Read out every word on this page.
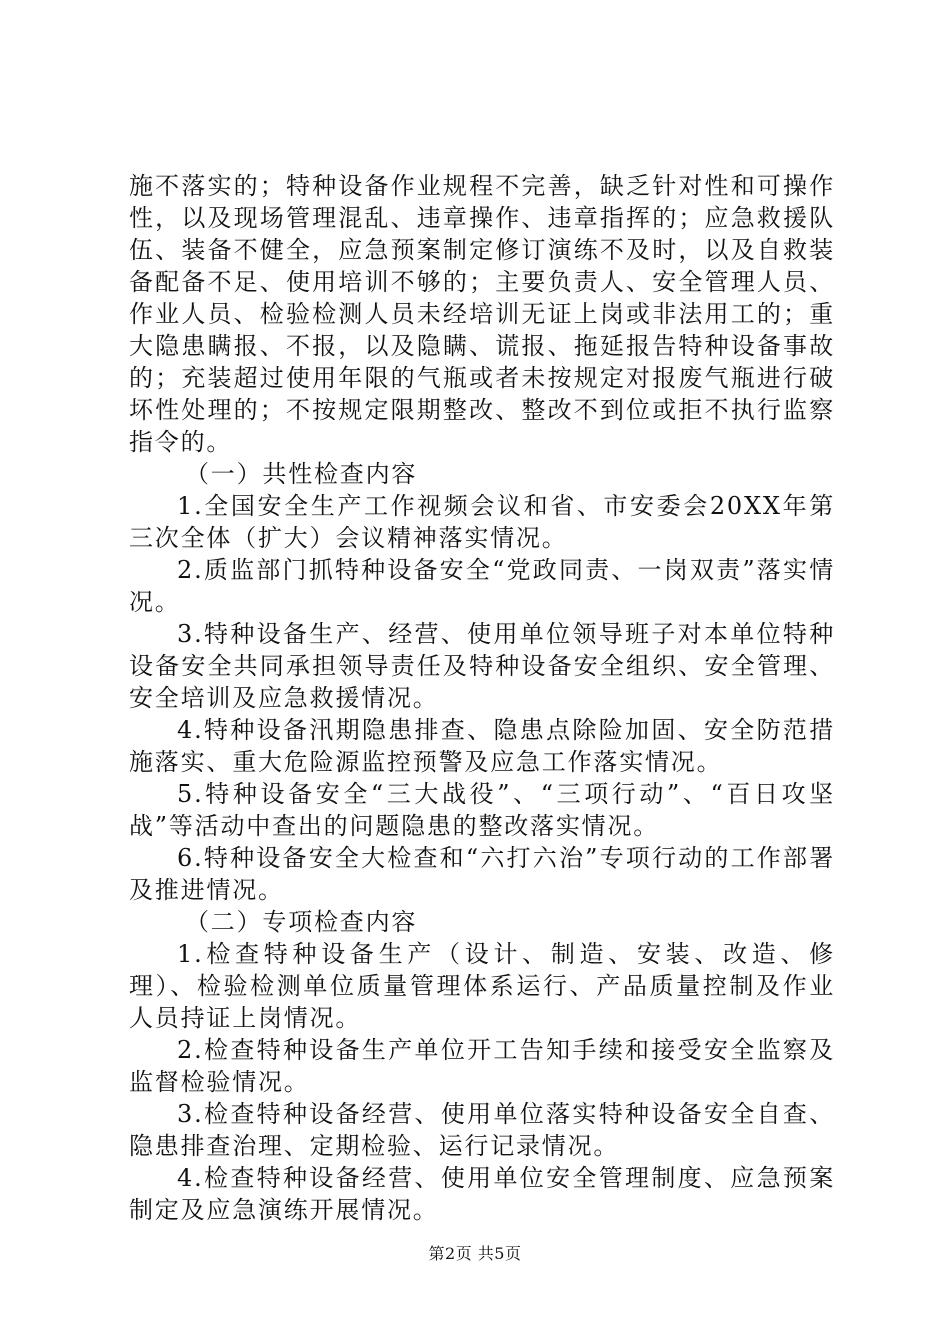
施不落实的；特种设备作业规程不完善，缺乏针对性和可操作性，以及现场管理混乱、违章操作、违章指挥的；应急救援队伍、装备不健全，应急预案制定修订演练不及时，以及自救装备配备不足、使用培训不够的；主要负责人、安全管理人员、作业人员、检验检测人员未经培训无证上岗或非法用工的；重大隐患瞒报、不报，以及隐瞒、谎报、拖延报告特种设备事故的；充装超过使用年限的气瓶或者未按规定对报废气瓶进行破坏性处理的；不按规定限期整改、整改不到位或拒不执行监察指令的。

（一）共性检查内容

1.全国安全生产工作视频会议和省、市安委会20XX年第三次全体（扩大）会议精神落实情况。

2.质监部门抓特种设备安全“党政同责、一岗双责”落实情况。

3.特种设备生产、经营、使用单位领导班子对本单位特种设备安全共同承担领导责任及特种设备安全组织、安全管理、安全培训及应急救援情况。

4.特种设备汛期隐患排查、隐患点除险加固、安全防范措施落实、重大危险源监控预警及应急工作落实情况。

5.特种设备安全“三大战役”、“三项行动”、“百日攻坚战”等活动中查出的问题隐患的整改落实情况。

6.特种设备安全大检查和“六打六治”专项行动的工作部署及推进情况。

（二）专项检查内容

1.检查特种设备生产（设计、制造、安装、改造、修理）、检验检测单位质量管理体系运行、产品质量控制及作业人员持证上岗情况。

2.检查特种设备生产单位开工告知手续和接受安全监察及监督检验情况。

3.检查特种设备经营、使用单位落实特种设备安全自查、隐患排查治理、定期检验、运行记录情况。

4.检查特种设备经营、使用单位安全管理制度、应急预案制定及应急演练开展情况。

第2页 共5页
